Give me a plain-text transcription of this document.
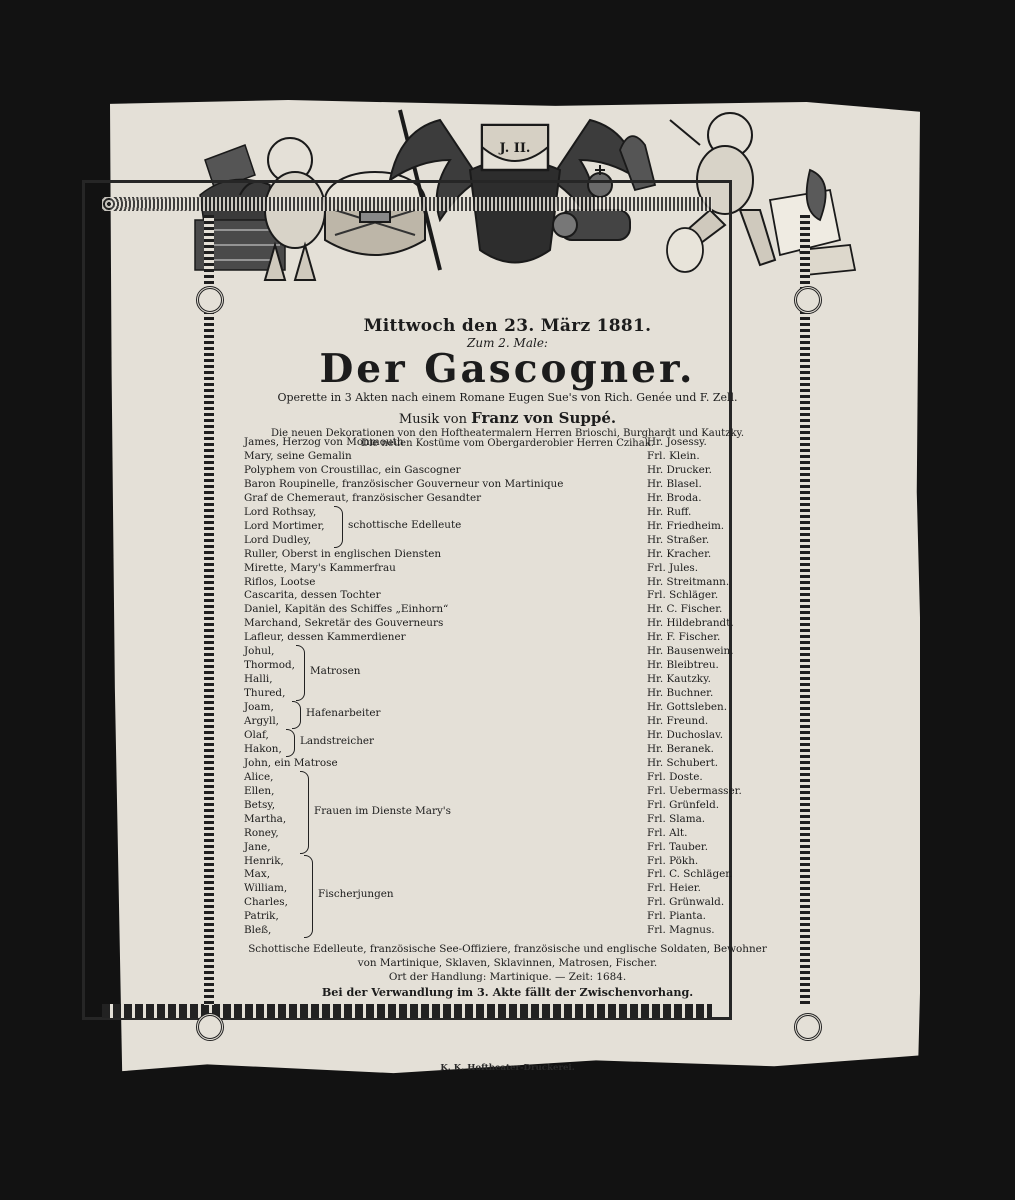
J. II.
Mittwoch den 23. März 1881.
Zum 2. Male:
Der Gascogner.
Operette in 3 Akten nach einem Romane Eugen Sue's von Rich. Genée und F. Zell.
Musik von Franz von Suppé.
Die neuen Dekorationen von den Hoftheatermalern Herren Brioschi, Burghardt und Kautzky.
Die neuen Kostüme vom Obergarderobier Herren Czihak.
James, Herzog von Monmouth	Hr. Josessy.
Mary, seine Gemalin	Frl. Klein.
Polyphem von Croustillac, ein Gascogner	Hr. Drucker.
Baron Roupinelle, französischer Gouverneur von Martinique	Hr. Blasel.
Graf de Chemeraut, französischer Gesandter	Hr. Broda.
Lord Rothsay,	Hr. Ruff.
Lord Mortimer,	Hr. Friedheim.
Lord Dudley,	Hr. Straßer.
Ruller, Oberst in englischen Diensten	Hr. Kracher.
Mirette, Mary's Kammerfrau	Frl. Jules.
Riflos, Lootse	Hr. Streitmann.
Cascarita, dessen Tochter	Frl. Schläger.
Daniel, Kapitän des Schiffes „Einhorn“	Hr. C. Fischer.
Marchand, Sekretär des Gouverneurs	Hr. Hildebrandt.
Lafleur, dessen Kammerdiener	Hr. F. Fischer.
Johul,	Hr. Bausenwein.
Thormod,	Hr. Bleibtreu.
Halli,	Hr. Kautzky.
Thured,	Hr. Buchner.
Joam,	Hr. Gottsleben.
Argyll,	Hr. Freund.
Olaf,	Hr. Duchoslav.
Hakon,	Hr. Beranek.
John, ein Matrose	Hr. Schubert.
Alice,	Frl. Doste.
Ellen,	Frl. Uebermasser.
Betsy,	Frl. Grünfeld.
Martha,	Frl. Slama.
Roney,	Frl. Alt.
Jane,	Frl. Tauber.
Henrik,	Frl. Pökh.
Max,	Frl. C. Schläger.
William,	Frl. Heier.
Charles,	Frl. Grünwald.
Patrik,	Frl. Pianta.
Bleß,	Frl. Magnus.
schottische Edelleute
Matrosen
Hafenarbeiter
Landstreicher
Frauen im Dienste Mary's
Fischerjungen
Schottische Edelleute, französische See-Offiziere, französische und englische Soldaten, Bewohner
von Martinique, Sklaven, Sklavinnen, Matrosen, Fischer.
Ort der Handlung: Martinique. — Zeit: 1684.
Bei der Verwandlung im 3. Akte fällt der Zwischenvorhang.
K. K. Hoftheater-Druckerei.
